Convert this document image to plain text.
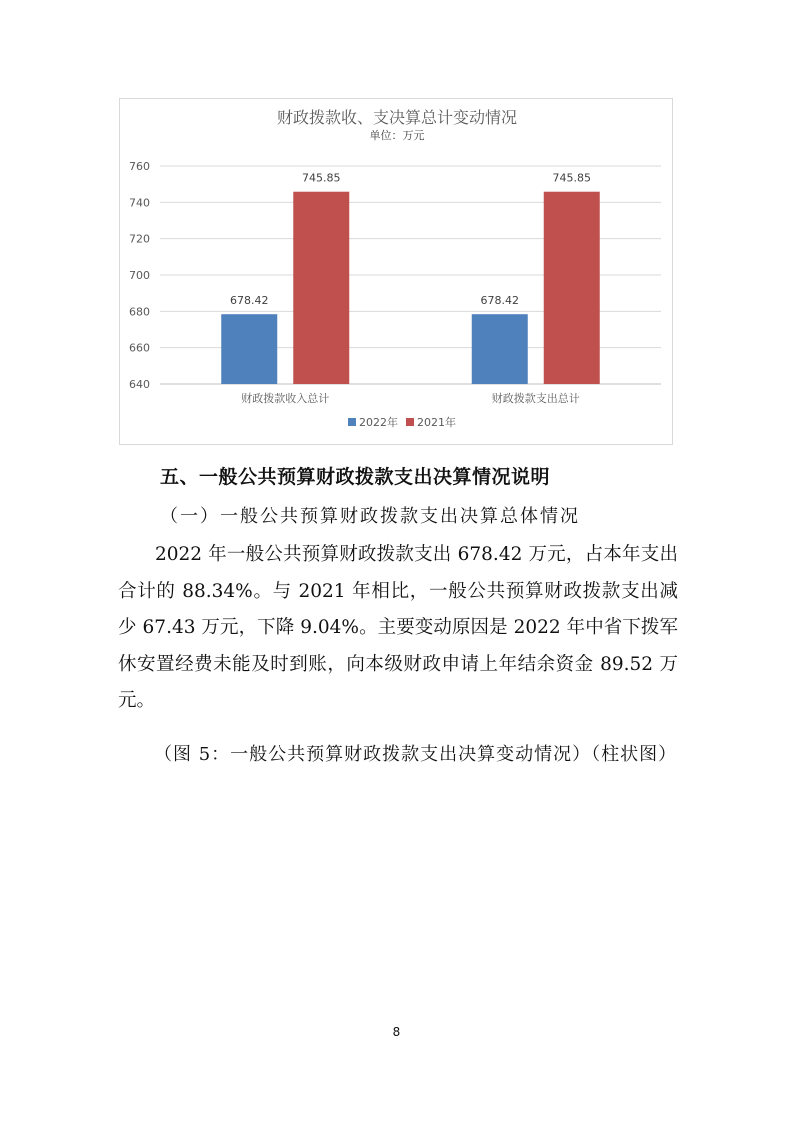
财政拨款收、支决算总计变动情况
单位：万元
640
660
680
700
720
740
760
678.42
745.85
678.42
745.85
财政拨款收入总计	财政拨款支出总计
2022年 2021年
五、一般公共预算财政拨款支出决算情况说明
（一）一般公共预算财政拨款支出决算总体情况

2022 年一般公共预算财政拨款支出 678.42 万元，占本年支出合计的 88.34%。与 2021 年相比，一般公共预算财政拨款支出减少 67.43 万元，下降 9.04%。主要变动原因是 2022 年中省下拨军休安置经费未能及时到账，向本级财政申请上年结余资金 89.52 万元。

（图 5：一般公共预算财政拨款支出决算变动情况）（柱状图）

8
